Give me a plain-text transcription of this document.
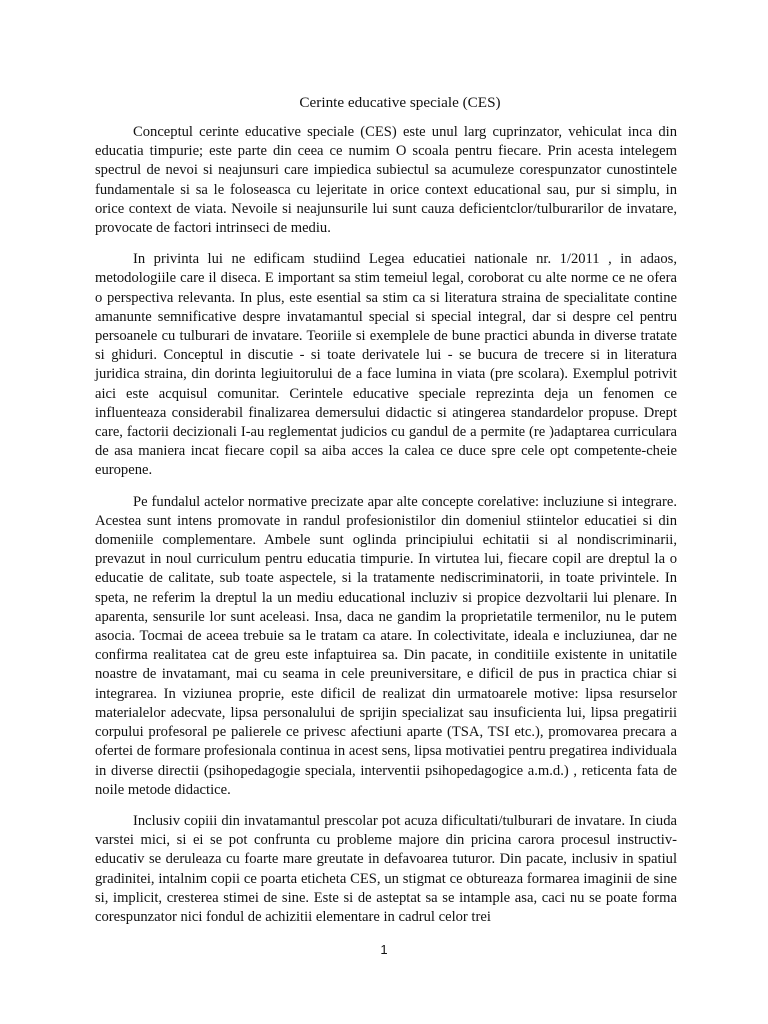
Cerinte educative speciale (CES)

Conceptul cerinte educative speciale (CES) este unul larg cuprinzator, vehiculat inca din educatia timpurie; este parte din ceea ce numim O scoala pentru fiecare. Prin acesta intelegem spectrul de nevoi si neajunsuri care impiedica subiectul sa acumuleze corespunzator cunostintele fundamentale si sa le foloseasca cu lejeritate in orice context educational sau, pur si simplu, in orice context de viata. Nevoile si neajunsurile lui sunt cauza deficientclor/tulburarilor de invatare, provocate de factori intrinseci de mediu.

In privinta lui ne edificam studiind Legea educatiei nationale nr. 1/2011 , in adaos, metodologiile care il diseca. E important sa stim temeiul legal, coroborat cu alte norme ce ne ofera o perspectiva relevanta. In plus, este esential sa stim ca si literatura straina de specialitate contine amanunte semnificative despre invatamantul special si special integral, dar si despre cel pentru persoanele cu tulburari de invatare. Teoriile si exemplele de bune practici abunda in diverse tratate si ghiduri. Conceptul in discutie - si toate derivatele lui - se bucura de trecere si in literatura juridica straina, din dorinta legiuitorului de a face lumina in viata (pre scolara). Exemplul potrivit aici este acquisul comunitar. Cerintele educative speciale reprezinta deja un fenomen ce influenteaza considerabil finalizarea demersului didactic si atingerea standardelor propuse. Drept care, factorii decizionali I-au reglementat judicios cu gandul de a permite (re )adaptarea curriculara de asa maniera incat fiecare copil sa aiba acces la calea ce duce spre cele opt competente-cheie europene.

Pe fundalul actelor normative precizate apar alte concepte corelative: incluziune si integrare. Acestea sunt intens promovate in randul profesionistilor din domeniul stiintelor educatiei si din domeniile complementare. Ambele sunt oglinda principiului echitatii si al nondiscriminarii, prevazut in noul curriculum pentru educatia timpurie. In virtutea lui, fiecare copil are dreptul la o educatie de calitate, sub toate aspectele, si la tratamente nediscriminatorii, in toate privintele. In speta, ne referim la dreptul la un mediu educational incluziv si propice dezvoltarii lui plenare. In aparenta, sensurile lor sunt aceleasi. Insa, daca ne gandim la proprietatile termenilor, nu le putem asocia. Tocmai de aceea trebuie sa le tratam ca atare. In colectivitate, ideala e incluziunea, dar ne confirma realitatea cat de greu este infaptuirea sa. Din pacate, in conditiile existente in unitatile noastre de invatamant, mai cu seama in cele preuniversitare, e dificil de pus in practica chiar si integrarea. In viziunea proprie, este dificil de realizat din urmatoarele motive: lipsa resurselor materialelor adecvate, lipsa personalului de sprijin specializat sau insuficienta lui, lipsa pregatirii corpului profesoral pe palierele ce privesc afectiuni aparte (TSA, TSI etc.), promovarea precara a ofertei de formare profesionala continua in acest sens, lipsa motivatiei pentru pregatirea individuala in diverse directii (psihopedagogie speciala, interventii psihopedagogice a.m.d.) , reticenta fata de noile metode didactice.

Inclusiv copiii din invatamantul prescolar pot acuza dificultati/tulburari de invatare. In ciuda varstei mici, si ei se pot confrunta cu probleme majore din pricina carora procesul instructiv-educativ se deruleaza cu foarte mare greutate in defavoarea tuturor. Din pacate, inclusiv in spatiul gradinitei, intalnim copii ce poarta eticheta CES, un stigmat ce obtureaza formarea imaginii de sine si, implicit, cresterea stimei de sine. Este si de asteptat sa se intample asa, caci nu se poate forma corespunzator nici fondul de achizitii elementare in cadrul celor trei

1
